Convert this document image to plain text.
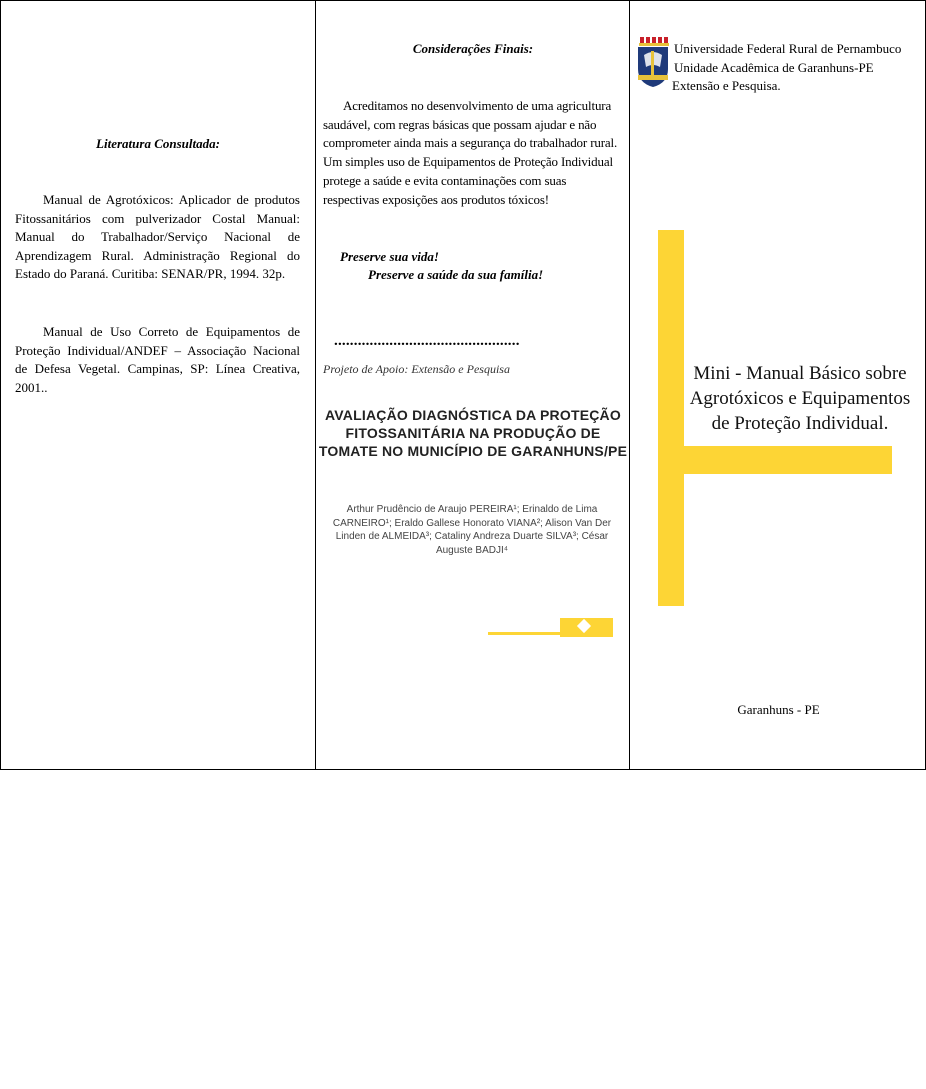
Literatura Consultada:

Manual de Agrotóxicos: Aplicador de produtos Fitossanitários com pulverizador Costal Manual: Manual do Trabalhador/Serviço Nacional de Aprendizagem Rural. Administração Regional do Estado do Paraná. Curitiba: SENAR/PR, 1994. 32p.

Manual de Uso Correto de Equipamentos de Proteção Individual/ANDEF – Associação Nacional de Defesa Vegetal. Campinas, SP: Línea Creativa, 2001..

Considerações Finais:

Acreditamos no desenvolvimento de uma agricultura saudável, com regras básicas que possam ajudar e não comprometer ainda mais a segurança do trabalhador rural. Um simples uso de Equipamentos de Proteção Individual protege a saúde e evita contaminações com suas respectivas exposições aos produtos tóxicos!

Preserve sua vida!
Preserve a saúde da sua família!
...............................................
Projeto de Apoio: Extensão e Pesquisa
AVALIAÇÃO DIAGNÓSTICA DA PROTEÇÃO FITOSSANITÁRIA NA PRODUÇÃO DE TOMATE NO MUNICÍPIO DE GARANHUNS/PE
Arthur Prudêncio de Araujo PEREIRA¹; Erinaldo de Lima CARNEIRO¹; Eraldo Gallese Honorato VIANA²; Alison Van Der Linden de ALMEIDA³; Cataliny Andreza Duarte SILVA³; César Auguste BADJI⁴
Universidade Federal Rural de Pernambuco
Unidade Acadêmica de Garanhuns-PE
Extensão e Pesquisa.
Mini - Manual Básico sobre Agrotóxicos e Equipamentos de Proteção Individual.
Garanhuns - PE
